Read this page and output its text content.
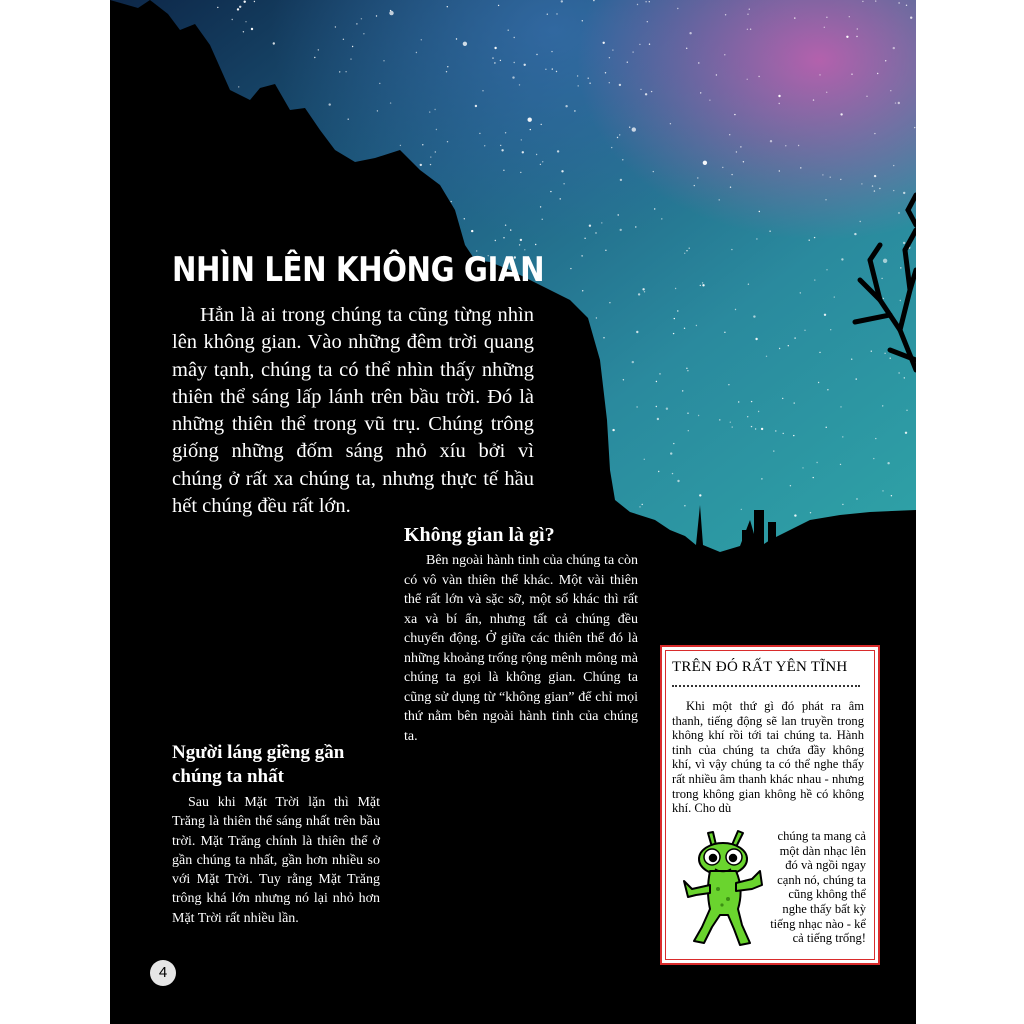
NHÌN LÊN KHÔNG GIAN

Hẳn là ai trong chúng ta cũng từng nhìn lên không gian. Vào những đêm trời quang mây tạnh, chúng ta có thể nhìn thấy những thiên thể sáng lấp lánh trên bầu trời. Đó là những thiên thể trong vũ trụ. Chúng trông giống những đốm sáng nhỏ xíu bởi vì chúng ở rất xa chúng ta, nhưng thực tế hầu hết chúng đều rất lớn.

Không gian là gì?

Bên ngoài hành tinh của chúng ta còn có vô vàn thiên thể khác. Một vài thiên thể rất lớn và sặc sỡ, một số khác thì rất xa và bí ẩn, nhưng tất cả chúng đều chuyển động. Ở giữa các thiên thể đó là những khoảng trống rộng mênh mông mà chúng ta gọi là không gian. Chúng ta cũng sử dụng từ “không gian” để chỉ mọi thứ nằm bên ngoài hành tinh của chúng ta.

Người láng giềng gần chúng ta nhất

Sau khi Mặt Trời lặn thì Mặt Trăng là thiên thể sáng nhất trên bầu trời. Mặt Trăng chính là thiên thể ở gần chúng ta nhất, gần hơn nhiều so với Mặt Trời. Tuy rằng Mặt Trăng trông khá lớn nhưng nó lại nhỏ hơn Mặt Trời rất nhiều lần.

4
TRÊN ĐÓ RẤT YÊN TĨNH

Khi một thứ gì đó phát ra âm thanh, tiếng động sẽ lan truyền trong không khí rồi tới tai chúng ta. Hành tinh của chúng ta chứa đầy không khí, vì vậy chúng ta có thể nghe thấy rất nhiều âm thanh khác nhau - nhưng trong không gian không hề có không khí. Cho dù

chúng ta mang cả một dàn nhạc lên đó và ngồi ngay cạnh nó, chúng ta cũng không thể nghe thấy bất kỳ tiếng nhạc nào - kể cả tiếng trống!
